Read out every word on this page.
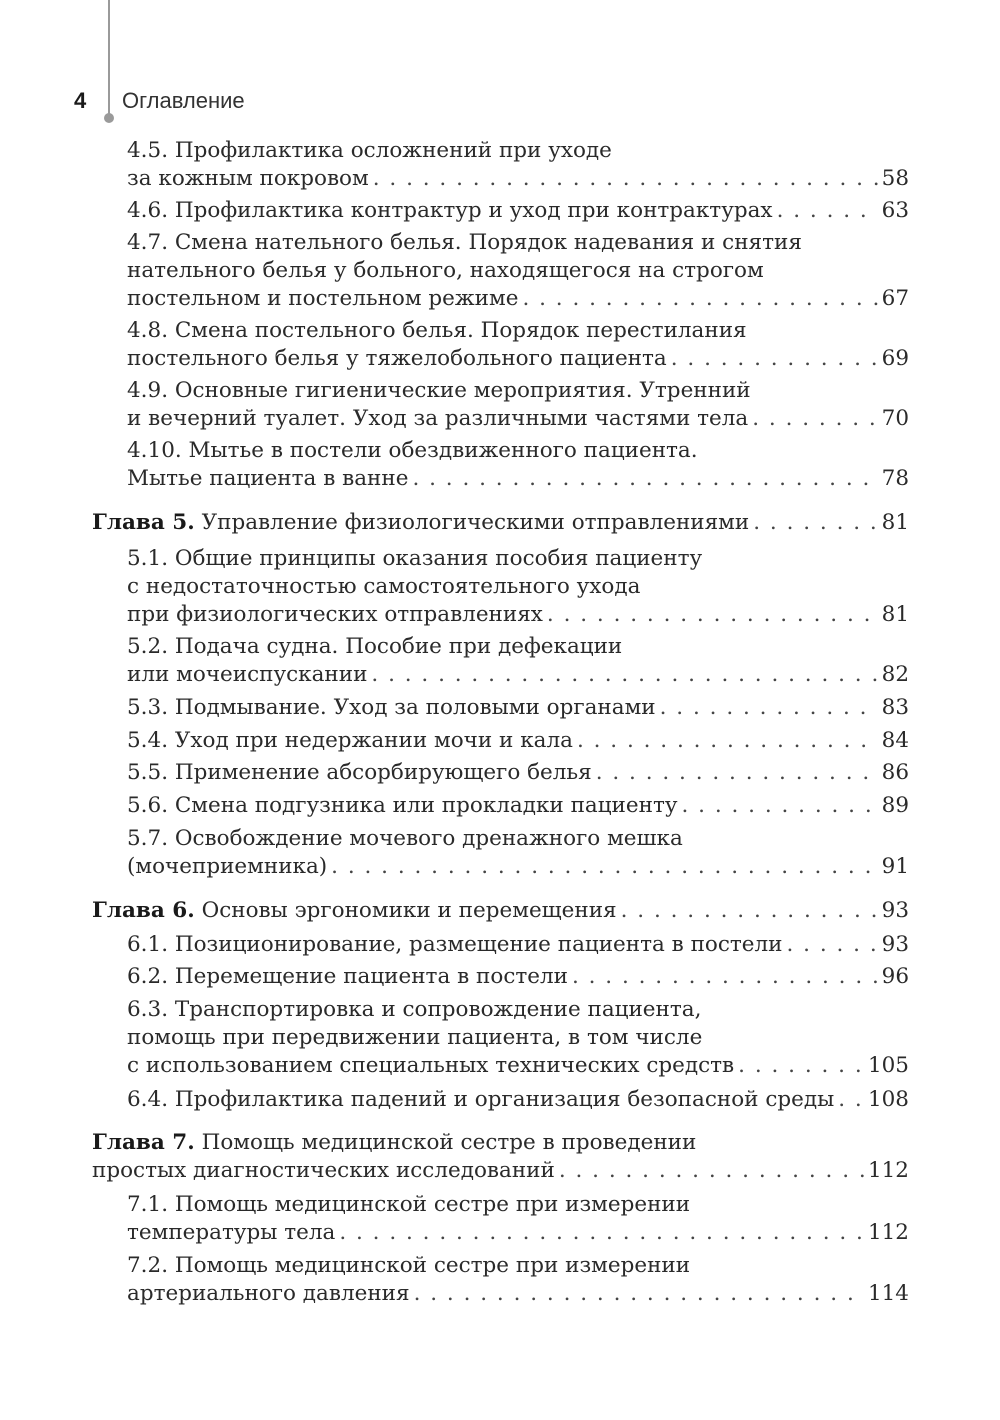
4 Оглавление
4.5. Профилактика осложнений при уходе
за кожным покровом . . .	58
4.6. Профилактика контрактур и уход при контрактурах . . .	63
4.7. Смена нательного белья. Порядок надевания и снятия
нательного белья у больного, находящегося на строгом
постельном и постельном режиме . . .	67
4.8. Смена постельного белья. Порядок перестилания
постельного белья у тяжелобольного пациента . . .	69
4.9. Основные гигиенические мероприятия. Утренний
и вечерний туалет. Уход за различными частями тела . . .	70
4.10. Мытье в постели обездвиженного пациента.
Мытье пациента в ванне . . .	78
Глава 5. Управление физиологическими отправлениями . . .	81
5.1. Общие принципы оказания пособия пациенту
с недостаточностью самостоятельного ухода
при физиологических отправлениях . . .	81
5.2. Подача судна. Пособие при дефекации
или мочеиспускании . . .	82
5.3. Подмывание. Уход за половыми органами . . .	83
5.4. Уход при недержании мочи и кала . . .	84
5.5. Применение абсорбирующего белья . . .	86
5.6. Смена подгузника или прокладки пациенту . . .	89
5.7. Освобождение мочевого дренажного мешка
(мочеприемника) . . .	91
Глава 6. Основы эргономики и перемещения . . .	93
6.1. Позиционирование, размещение пациента в постели . . .	93
6.2. Перемещение пациента в постели . . .	96
6.3. Транспортировка и сопровождение пациента,
помощь при передвижении пациента, в том числе
с использованием специальных технических средств . . .	105
6.4. Профилактика падений и организация безопасной среды . . . 108
Глава 7. Помощь медицинской сестре в проведении
простых диагностических исследований . . .	112
7.1. Помощь медицинской сестре при измерении
температуры тела . . .	112
7.2. Помощь медицинской сестре при измерении
артериального давления . . .	114
